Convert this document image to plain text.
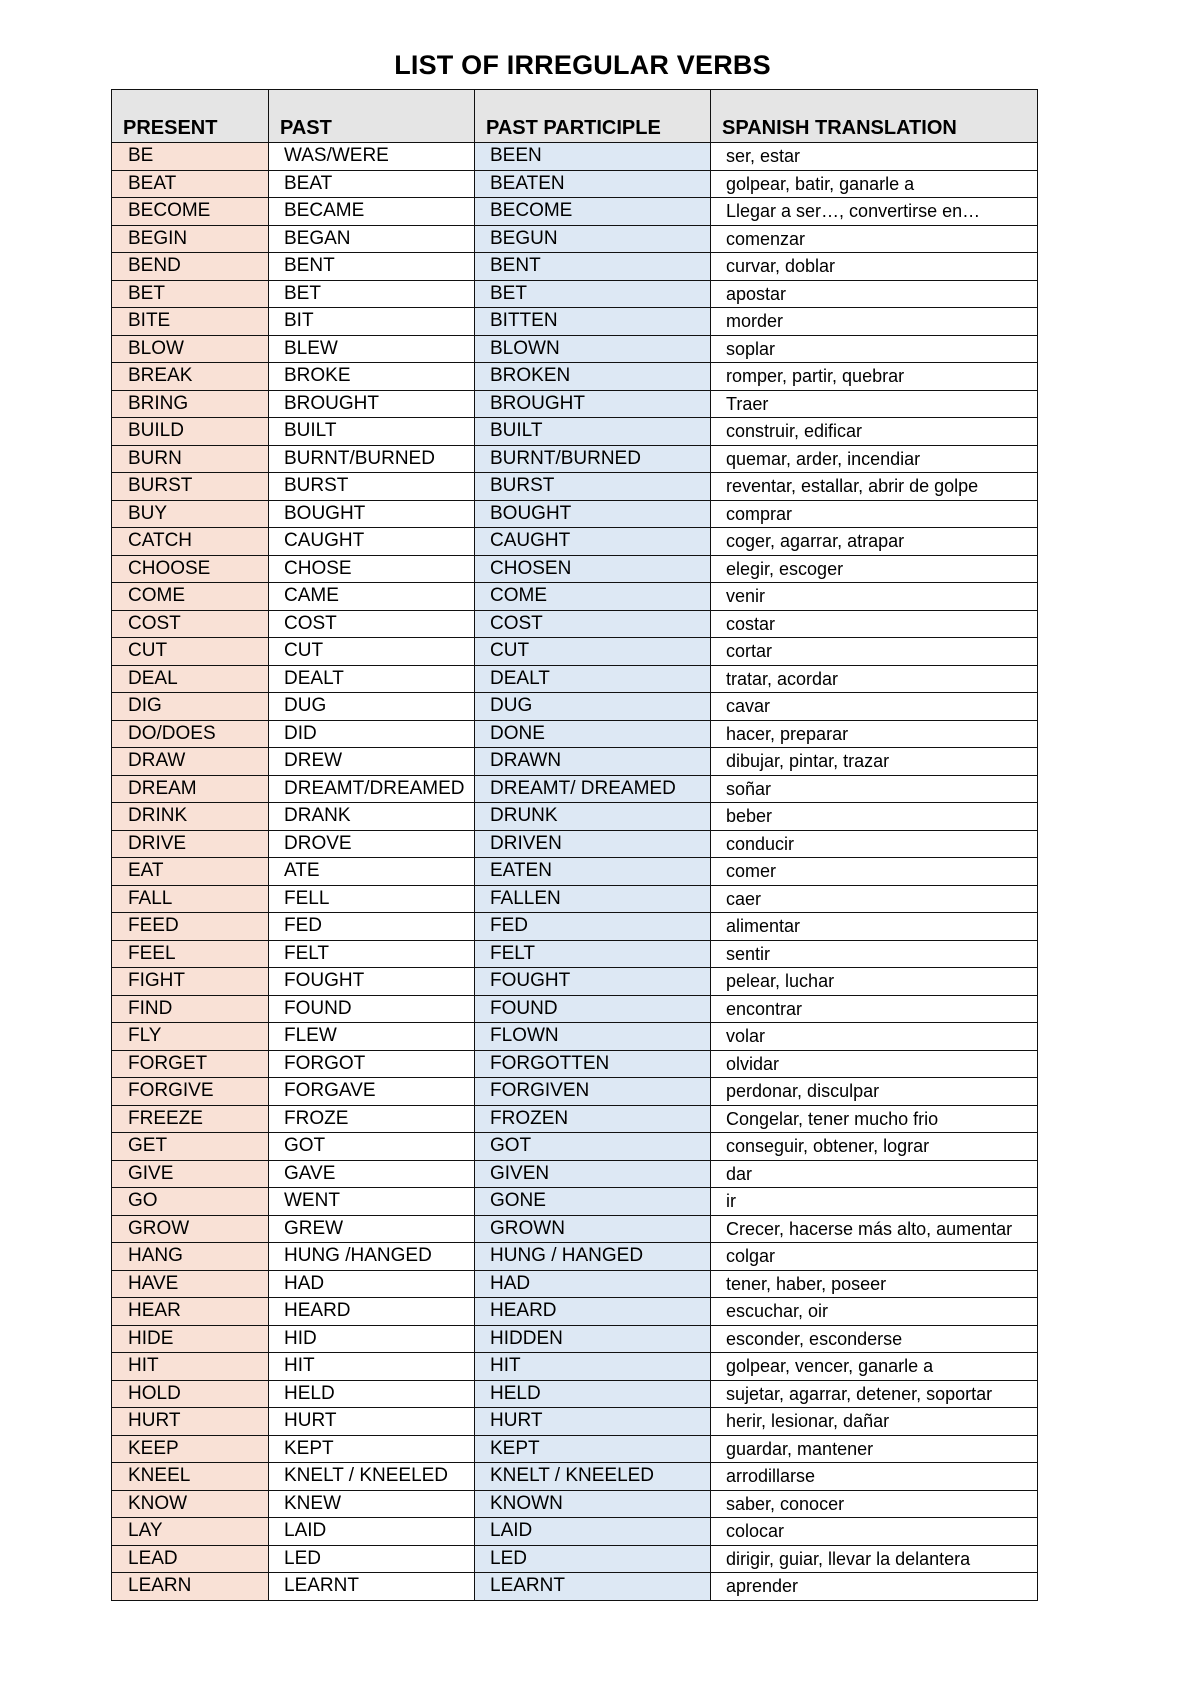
LIST OF IRREGULAR VERBS
PRESENT	PAST	PAST PARTICIPLE	SPANISH TRANSLATION
BE	WAS/WERE	BEEN	ser, estar
BEAT	BEAT	BEATEN	golpear, batir, ganarle a
BECOME	BECAME	BECOME	Llegar a ser…, convertirse en…
BEGIN	BEGAN	BEGUN	comenzar
BEND	BENT	BENT	curvar, doblar
BET	BET	BET	apostar
BITE	BIT	BITTEN	morder
BLOW	BLEW	BLOWN	soplar
BREAK	BROKE	BROKEN	romper, partir, quebrar
BRING	BROUGHT	BROUGHT	Traer
BUILD	BUILT	BUILT	construir, edificar
BURN	BURNT/BURNED	BURNT/BURNED	quemar, arder, incendiar
BURST	BURST	BURST	reventar, estallar, abrir de golpe
BUY	BOUGHT	BOUGHT	comprar
CATCH	CAUGHT	CAUGHT	coger, agarrar, atrapar
CHOOSE	CHOSE	CHOSEN	elegir, escoger
COME	CAME	COME	venir
COST	COST	COST	costar
CUT	CUT	CUT	cortar
DEAL	DEALT	DEALT	tratar, acordar
DIG	DUG	DUG	cavar
DO/DOES	DID	DONE	hacer, preparar
DRAW	DREW	DRAWN	dibujar, pintar, trazar
DREAM	DREAMT/DREAMED	DREAMT/ DREAMED	soñar
DRINK	DRANK	DRUNK	beber
DRIVE	DROVE	DRIVEN	conducir
EAT	ATE	EATEN	comer
FALL	FELL	FALLEN	caer
FEED	FED	FED	alimentar
FEEL	FELT	FELT	sentir
FIGHT	FOUGHT	FOUGHT	pelear, luchar
FIND	FOUND	FOUND	encontrar
FLY	FLEW	FLOWN	volar
FORGET	FORGOT	FORGOTTEN	olvidar
FORGIVE	FORGAVE	FORGIVEN	perdonar, disculpar
FREEZE	FROZE	FROZEN	Congelar, tener mucho frio
GET	GOT	GOT	conseguir, obtener, lograr
GIVE	GAVE	GIVEN	dar
GO	WENT	GONE	ir
GROW	GREW	GROWN	Crecer, hacerse más alto, aumentar
HANG	HUNG /HANGED	HUNG / HANGED	colgar
HAVE	HAD	HAD	tener, haber, poseer
HEAR	HEARD	HEARD	escuchar, oir
HIDE	HID	HIDDEN	esconder, esconderse
HIT	HIT	HIT	golpear, vencer, ganarle a
HOLD	HELD	HELD	sujetar, agarrar, detener, soportar
HURT	HURT	HURT	herir, lesionar, dañar
KEEP	KEPT	KEPT	guardar, mantener
KNEEL	KNELT / KNEELED	KNELT / KNEELED	arrodillarse
KNOW	KNEW	KNOWN	saber, conocer
LAY	LAID	LAID	colocar
LEAD	LED	LED	dirigir, guiar, llevar la delantera
LEARN	LEARNT	LEARNT	aprender
